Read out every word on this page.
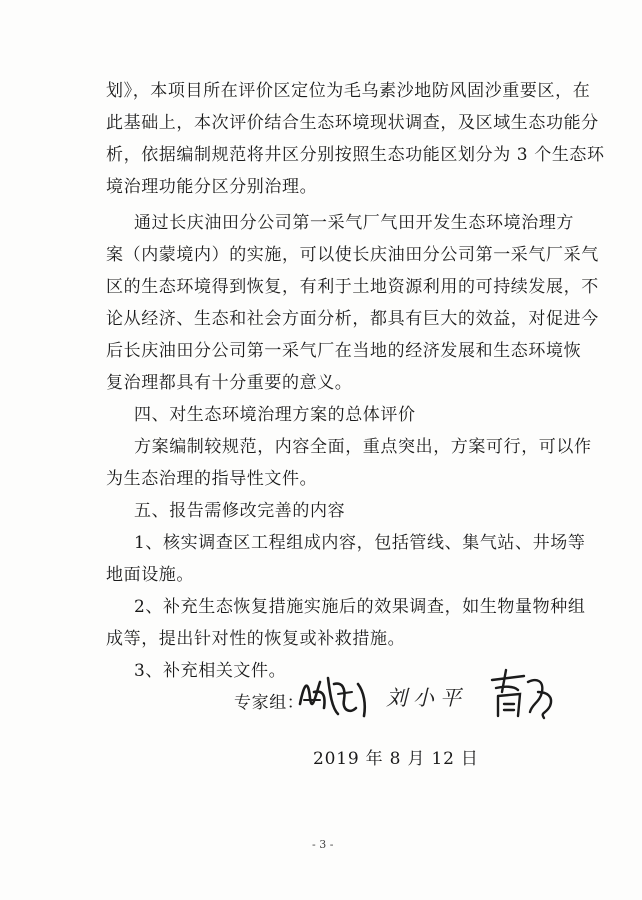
划》，本项目所在评价区定位为毛乌素沙地防风固沙重要区，在
此基础上，本次评价结合生态环境现状调查，及区域生态功能分
析，依据编制规范将井区分别按照生态功能区划分为 3 个生态环
境治理功能分区分别治理。
通过长庆油田分公司第一采气厂气田开发生态环境治理方
案（内蒙境内）的实施，可以使长庆油田分公司第一采气厂采气
区的生态环境得到恢复，有利于土地资源利用的可持续发展，不
论从经济、生态和社会方面分析，都具有巨大的效益，对促进今
后长庆油田分公司第一采气厂在当地的经济发展和生态环境恢
复治理都具有十分重要的意义。
四、对生态环境治理方案的总体评价
方案编制较规范，内容全面，重点突出，方案可行，可以作
为生态治理的指导性文件。
五、报告需修改完善的内容
1、核实调查区工程组成内容，包括管线、集气站、井场等
地面设施。
2、补充生态恢复措施实施后的效果调查，如生物量物种组
成等，提出针对性的恢复或补救措施。
3、补充相关文件。
专家组：	刘小平
2019 年 8 月 12 日
- 3 -
